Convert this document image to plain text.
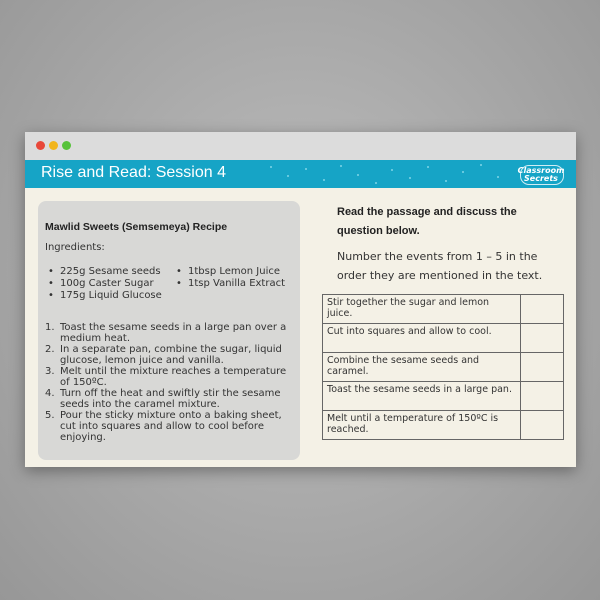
Rise and Read: Session 4	Classroom
Secrets
Mawlid Sweets (Semsemeya) Recipe
Ingredients:
• 225g Sesame seeds
• 100g Caster Sugar
• 175g Liquid Glucose
• 1tbsp Lemon Juice
• 1tsp Vanilla Extract
1. Toast the sesame seeds in a large pan over a medium heat.
2. In a separate pan, combine the sugar, liquid glucose, lemon juice and vanilla.
3. Melt until the mixture reaches a temperature of 150ºC.
4. Turn off the heat and swiftly stir the sesame seeds into the caramel mixture.
5. Pour the sticky mixture onto a baking sheet, cut into squares and allow to cool before enjoying.
Read the passage and discuss the question below.
Number the events from 1 – 5 in the order they are mentioned in the text.
Stir together the sugar and lemon juice.	
Cut into squares and allow to cool.	
Combine the sesame seeds and caramel.	
Toast the sesame seeds in a large pan.	
Melt until a temperature of 150ºC is reached.	
